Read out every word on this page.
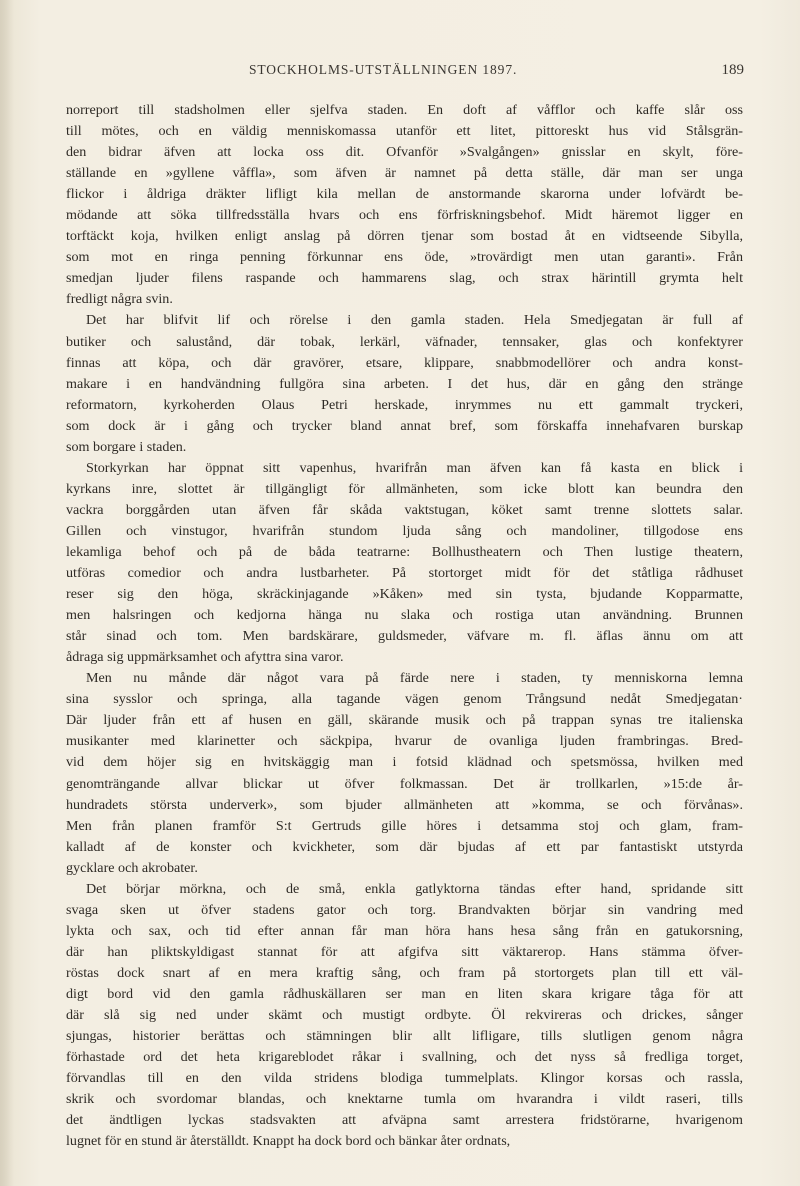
STOCKHOLMS-UTSTÄLLNINGEN 1897.	189
norreport till stadsholmen eller sjelfva staden. En doft af våfflor och kaffe slår oss
till mötes, och en väldig menniskomassa utanför ett litet, pittoreskt hus vid Stålsgrän-
den bidrar äfven att locka oss dit. Ofvanför »Svalgången» gnisslar en skylt, före-
ställande en »gyllene våffla», som äfven är namnet på detta ställe, där man ser unga
flickor i åldriga dräkter lifligt kila mellan de anstormande skarorna under lofvärdt be-
mödande att söka tillfredsställa hvars och ens förfriskningsbehof. Midt häremot ligger en
torftäckt koja, hvilken enligt anslag på dörren tjenar som bostad åt en vidtseende Sibylla,
som mot en ringa penning förkunnar ens öde, »trovärdigt men utan garanti». Från
smedjan ljuder filens raspande och hammarens slag, och strax härintill grymta helt
fredligt några svin.
Det har blifvit lif och rörelse i den gamla staden. Hela Smedjegatan är full af
butiker och salustånd, där tobak, lerkärl, väfnader, tennsaker, glas och konfektyrer
finnas att köpa, och där gravörer, etsare, klippare, snabbmodellörer och andra konst-
makare i en handvändning fullgöra sina arbeten. I det hus, där en gång den stränge
reformatorn, kyrkoherden Olaus Petri herskade, inrymmes nu ett gammalt tryckeri,
som dock är i gång och trycker bland annat bref, som förskaffa innehafvaren burskap
som borgare i staden.
Storkyrkan har öppnat sitt vapenhus, hvarifrån man äfven kan få kasta en blick i
kyrkans inre, slottet är tillgängligt för allmänheten, som icke blott kan beundra den
vackra borggården utan äfven får skåda vaktstugan, köket samt trenne slottets salar.
Gillen och vinstugor, hvarifrån stundom ljuda sång och mandoliner, tillgodose ens
lekamliga behof och på de båda teatrarne: Bollhustheatern och Then lustige theatern,
utföras comedior och andra lustbarheter. På stortorget midt för det ståtliga rådhuset
reser sig den höga, skräckinjagande »Kåken» med sin tysta, bjudande Kopparmatte,
men halsringen och kedjorna hänga nu slaka och rostiga utan användning. Brunnen
står sinad och tom. Men bardskärare, guldsmeder, väfvare m. fl. äflas ännu om att
ådraga sig uppmärksamhet och afyttra sina varor.
Men nu månde där något vara på färde nere i staden, ty menniskorna lemna
sina sysslor och springa, alla tagande vägen genom Trångsund nedåt Smedjegatan·
Där ljuder från ett af husen en gäll, skärande musik och på trappan synas tre italienska
musikanter med klarinetter och säckpipa, hvarur de ovanliga ljuden frambringas. Bred-
vid dem höjer sig en hvitskäggig man i fotsid klädnad och spetsmössa, hvilken med
genomträngande allvar blickar ut öfver folkmassan. Det är trollkarlen, »15:de år-
hundradets största underverk», som bjuder allmänheten att »komma, se och förvånas».
Men från planen framför S:t Gertruds gille höres i detsamma stoj och glam, fram-
kalladt af de konster och kvickheter, som där bjudas af ett par fantastiskt utstyrda
gycklare och akrobater.
Det börjar mörkna, och de små, enkla gatlyktorna tändas efter hand, spridande sitt
svaga sken ut öfver stadens gator och torg. Brandvakten börjar sin vandring med
lykta och sax, och tid efter annan får man höra hans hesa sång från en gatukorsning,
där han pliktskyldigast stannat för att afgifva sitt väktarerop. Hans stämma öfver-
röstas dock snart af en mera kraftig sång, och fram på stortorgets plan till ett väl-
digt bord vid den gamla rådhuskällaren ser man en liten skara krigare tåga för att
där slå sig ned under skämt och mustigt ordbyte. Öl rekvireras och drickes, sånger
sjungas, historier berättas och stämningen blir allt lifligare, tills slutligen genom några
förhastade ord det heta krigareblodet råkar i svallning, och det nyss så fredliga torget,
förvandlas till en den vilda stridens blodiga tummelplats. Klingor korsas och rassla,
skrik och svordomar blandas, och knektarne tumla om hvarandra i vildt raseri, tills
det ändtligen lyckas stadsvakten att afväpna samt arrestera fridstörarne, hvarigenom
lugnet för en stund är återställdt. Knappt ha dock bord och bänkar åter ordnats,
